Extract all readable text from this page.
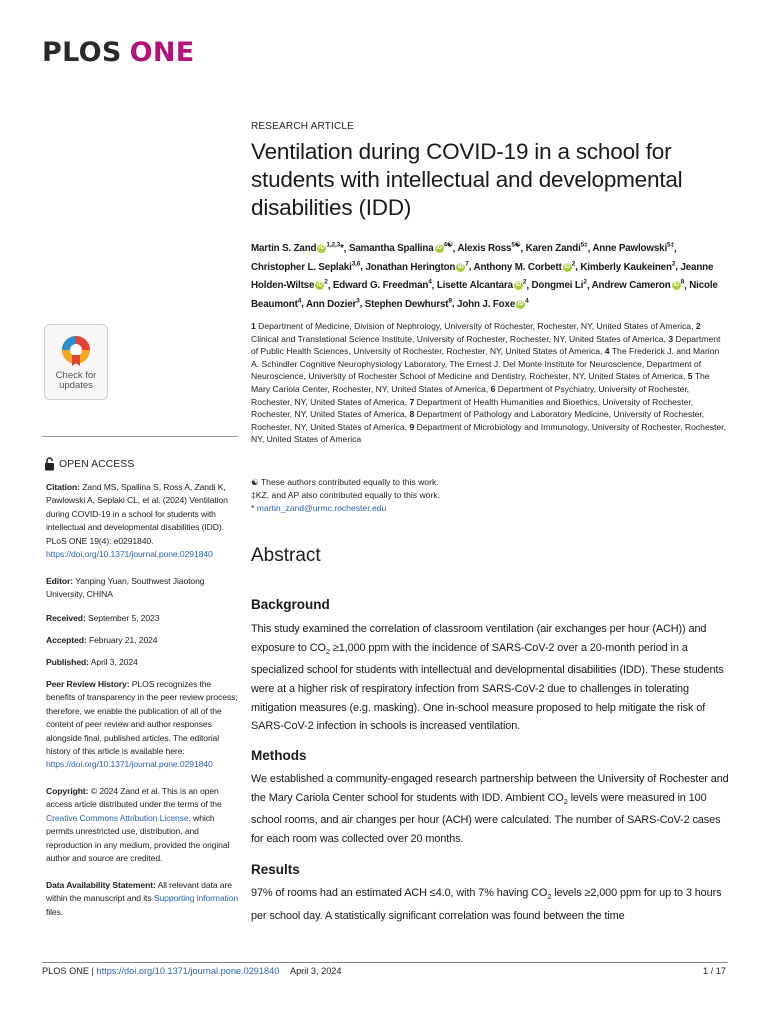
PLOS ONE
Check for
updates
OPEN ACCESS
Citation: Zand MS, Spallina S, Ross A, Zandi K, Pawlowski A, Seplaki CL, et al. (2024) Ventilation during COVID-19 in a school for students with intellectual and developmental disabilities (IDD). PLoS ONE 19(4): e0291840. https://doi.org/10.1371/journal.pone.0291840
Editor: Yanping Yuan, Southwest Jiaotong University, CHINA
Received: September 5, 2023
Accepted: February 21, 2024
Published: April 3, 2024
Peer Review History: PLOS recognizes the benefits of transparency in the peer review process; therefore, we enable the publication of all of the content of peer review and author responses alongside final, published articles. The editorial history of this article is available here: https://doi.org/10.1371/journal.pone.0291840
Copyright: © 2024 Zand et al. This is an open access article distributed under the terms of the Creative Commons Attribution License, which permits unrestricted use, distribution, and reproduction in any medium, provided the original author and source are credited.
Data Availability Statement: All relevant data are within the manuscript and its Supporting information files.
RESEARCH ARTICLE
Ventilation during COVID-19 in a school for students with intellectual and developmental disabilities (IDD)
Martin S. Zand iD $^{1,2,3}$*, Samantha Spallina iD $^{4☯}$, Alexis Ross$^{5☯}$, Karen Zandi$^{5\ddagger}$, Anne Pawlowski$^{5\ddagger}$, Christopher L. Seplaki$^{3,6}$, Jonathan Herington iD $^7$, Anthony M. Corbett iD $^2$, Kimberly Kaukeinen$^2$, Jeanne Holden-Wiltse iD $^2$, Edward G. Freedman$^4$, Lisette Alcantara iD $^2$, Dongmei Li$^2$, Andrew Cameron iD $^8$, Nicole Beaumont$^4$, Ann Dozier$^3$, Stephen Dewhurst$^9$, John J. Foxe iD $^4$
1 Department of Medicine, Division of Nephrology, University of Rochester, Rochester, NY, United States of America, 2 Clinical and Translational Science Institute, University of Rochester, Rochester, NY, United States of America, 3 Department of Public Health Sciences, University of Rochester, Rochester, NY, United States of America, 4 The Frederick J. and Marion A. Schindler Cognitive Neurophysiology Laboratory, The Ernest J. Del Monte Institute for Neuroscience, Department of Neuroscience, University of Rochester School of Medicine and Dentistry, Rochester, NY, United States of America, 5 The Mary Cariola Center, Rochester, NY, United States of America, 6 Department of Psychiatry, University of Rochester, Rochester, NY, United States of America, 7 Department of Health Humanities and Bioethics, University of Rochester, Rochester, NY, United States of America, 8 Department of Pathology and Laboratory Medicine, University of Rochester, Rochester, NY, United States of America, 9 Department of Microbiology and Immunology, University of Rochester, Rochester, NY, United States of America
☯ These authors contributed equally to this work.
‡KZ, and AP also contributed equally to this work.
* martin_zand@urmc.rochester.edu
Abstract
Background

This study examined the correlation of classroom ventilation (air exchanges per hour (ACH)) and exposure to $CO_2 \ge 1,000$ ppm with the incidence of SARS-CoV-2 over a 20-month period in a specialized school for students with intellectual and developmental disabilities (IDD). These students were at a higher risk of respiratory infection from SARS-CoV-2 due to challenges in tolerating mitigation measures (e.g. masking). One in-school measure proposed to help mitigate the risk of SARS-CoV-2 infection in schools is increased ventilation.

Methods

We established a community-engaged research partnership between the University of Rochester and the Mary Cariola Center school for students with IDD. Ambient $CO_2$ levels were measured in 100 school rooms, and air changes per hour (ACH) were calculated. The number of SARS-CoV-2 cases for each room was collected over 20 months.

Results

97% of rooms had an estimated ACH ≤4.0, with 7% having $CO_2$ levels ≥2,000 ppm for up to 3 hours per school day. A statistically significant correlation was found between the time

PLOS ONE | https://doi.org/10.1371/journal.pone.0291840 April 3, 2024	1 / 17
